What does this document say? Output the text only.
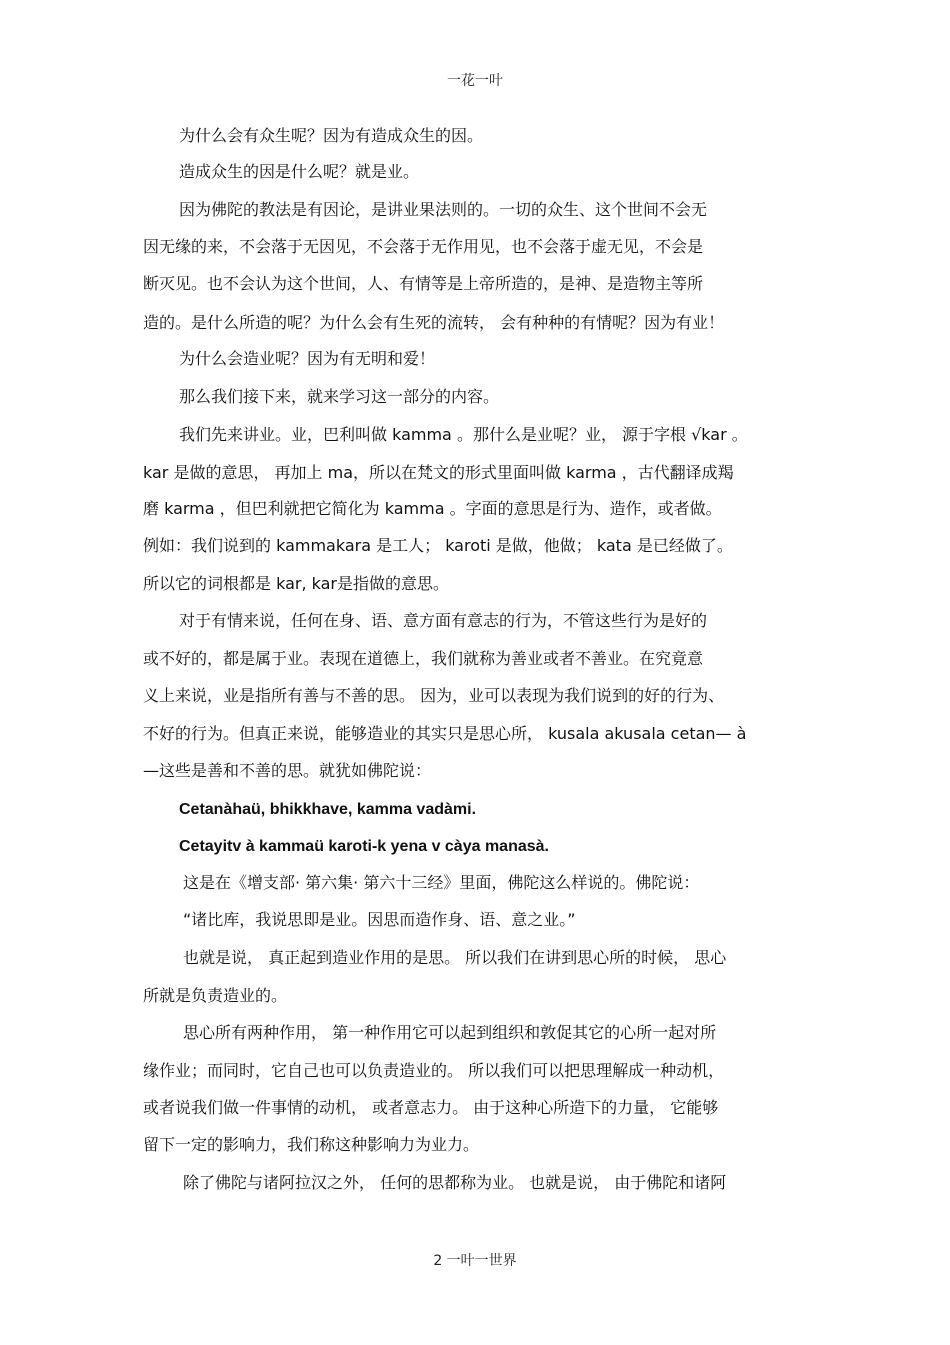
一花一叶
为什么会有众生呢？因为有造成众生的因。
造成众生的因是什么呢？就是业。
因为佛陀的教法是有因论，是讲业果法则的。一切的众生、这个世间不会无
因无缘的来，不会落于无因见，不会落于无作用见，也不会落于虚无见，不会是
断灭见。也不会认为这个世间，人、有情等是上帝所造的，是神、是造物主等所
造的。是什么所造的呢？为什么会有生死的流转， 会有种种的有情呢？因为有业！
为什么会造业呢？因为有无明和爱！
那么我们接下来，就来学习这一部分的内容。
我们先来讲业。业，巴利叫做 kamma 。那什么是业呢？业， 源于字根 √kar 。
kar 是做的意思， 再加上 ma，所以在梵文的形式里面叫做 karma ，古代翻译成羯
磨 karma ，但巴利就把它简化为 kamma 。字面的意思是行为、造作，或者做。
例如：我们说到的 kammakara 是工人； karoti 是做，他做； kata 是已经做了。
所以它的词根都是 kar, kar是指做的意思。
对于有情来说，任何在身、语、意方面有意志的行为，不管这些行为是好的
或不好的，都是属于业。表现在道德上，我们就称为善业或者不善业。在究竟意
义上来说，业是指所有善与不善的思。 因为，业可以表现为我们说到的好的行为、
不好的行为。但真正来说，能够造业的其实只是思心所， kusala akusala cetan— à
—这些是善和不善的思。就犹如佛陀说：
Cetanàhaü, bhikkhave, kamma vadàmi.
Cetayitv à kammaü karoti-k yena v càya manasà.
这是在《增支部· 第六集· 第六十三经》里面，佛陀这么样说的。佛陀说：
“诸比库，我说思即是业。因思而造作身、语、意之业。”
也就是说， 真正起到造业作用的是思。 所以我们在讲到思心所的时候， 思心
所就是负责造业的。
思心所有两种作用， 第一种作用它可以起到组织和敦促其它的心所一起对所
缘作业；而同时，它自己也可以负责造业的。 所以我们可以把思理解成一种动机，
或者说我们做一件事情的动机， 或者意志力。 由于这种心所造下的力量， 它能够
留下一定的影响力，我们称这种影响力为业力。
除了佛陀与诸阿拉汉之外， 任何的思都称为业。 也就是说， 由于佛陀和诸阿
2 一叶一世界
